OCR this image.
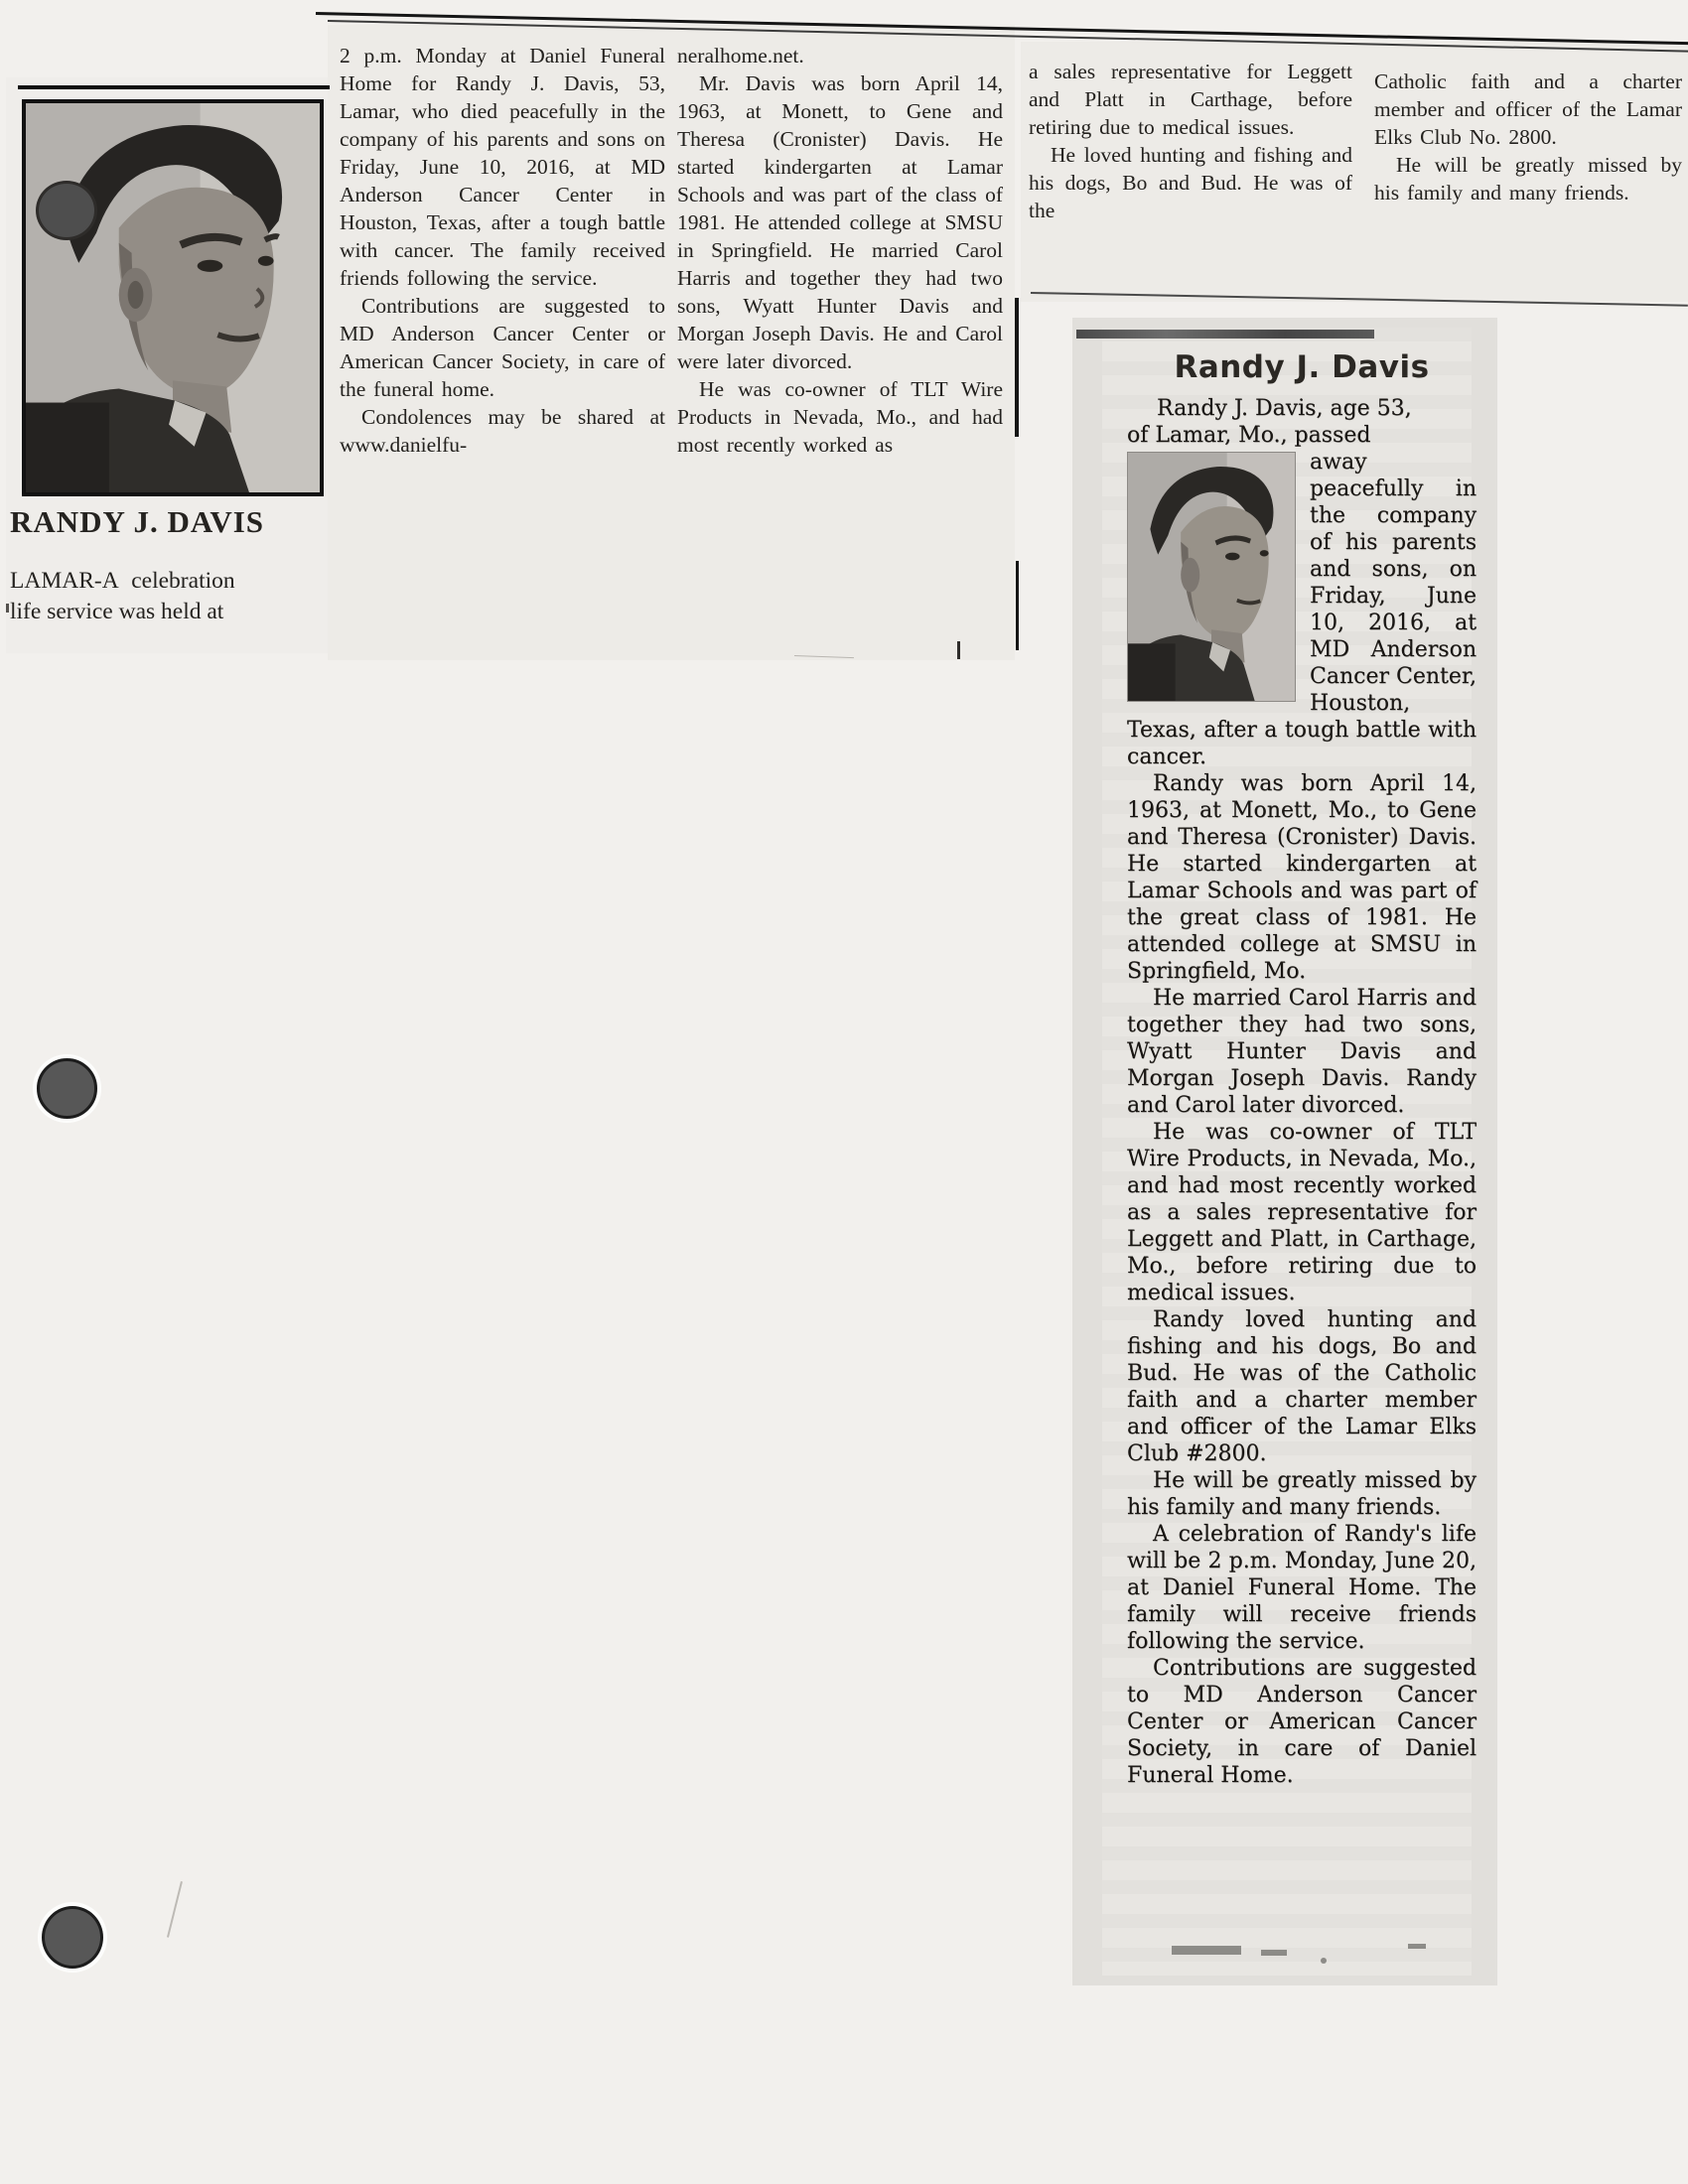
RANDY J. DAVIS
LAMAR-A celebration
life service was held at

2 p.m. Monday at Daniel Funeral Home for Randy J. Davis, 53, Lamar, who died peacefully in the company of his parents and sons on Friday, June 10, 2016, at MD Anderson Cancer Center in Houston, Texas, after a tough battle with cancer. The family received friends following the service.

Contributions are suggested to MD Anderson Cancer Center or American Cancer Society, in care of the funeral home.

Condolences may be shared at www.danielfu-

neralhome.net.

Mr. Davis was born April 14, 1963, at Monett, to Gene and Theresa (Cronister) Davis. He started kindergarten at Lamar Schools and was part of the class of 1981. He attended college at SMSU in Springfield. He married Carol Harris and together they had two sons, Wyatt Hunter Davis and Morgan Joseph Davis. He and Carol were later divorced.

He was co-owner of TLT Wire Products in Nevada, Mo., and had most recently worked as

a sales representative for Leggett and Platt in Carthage, before retiring due to medical issues.

He loved hunting and fishing and his dogs, Bo and Bud. He was of the

Catholic faith and a charter member and officer of the Lamar Elks Club No. 2800.

He will be greatly missed by his family and many friends.

Randy J. Davis
Randy J. Davis, age 53,
of Lamar, Mo., passed
away peacefully in the company of his parents and sons, on Friday, June 10, 2016, at MD Anderson Cancer Center, Houston, Texas, after a tough battle with cancer.

Randy was born April 14, 1963, at Monett, Mo., to Gene and Theresa (Cronister) Davis. He started kindergarten at Lamar Schools and was part of the great class of 1981. He attended college at SMSU in Springfield, Mo.

He married Carol Harris and together they had two sons, Wyatt Hunter Davis and Morgan Joseph Davis. Randy and Carol later divorced.

He was co-owner of TLT Wire Products, in Nevada, Mo., and had most recently worked as a sales representative for Leggett and Platt, in Carthage, Mo., before retiring due to medical issues.

Randy loved hunting and fishing and his dogs, Bo and Bud. He was of the Catholic faith and a charter member and officer of the Lamar Elks Club #2800.

He will be greatly missed by his family and many friends.

A celebration of Randy's life will be 2 p.m. Monday, June 20, at Daniel Funeral Home. The family will receive friends following the service.

Contributions are suggested to MD Anderson Cancer Center or American Cancer Society, in care of Daniel Funeral Home.
